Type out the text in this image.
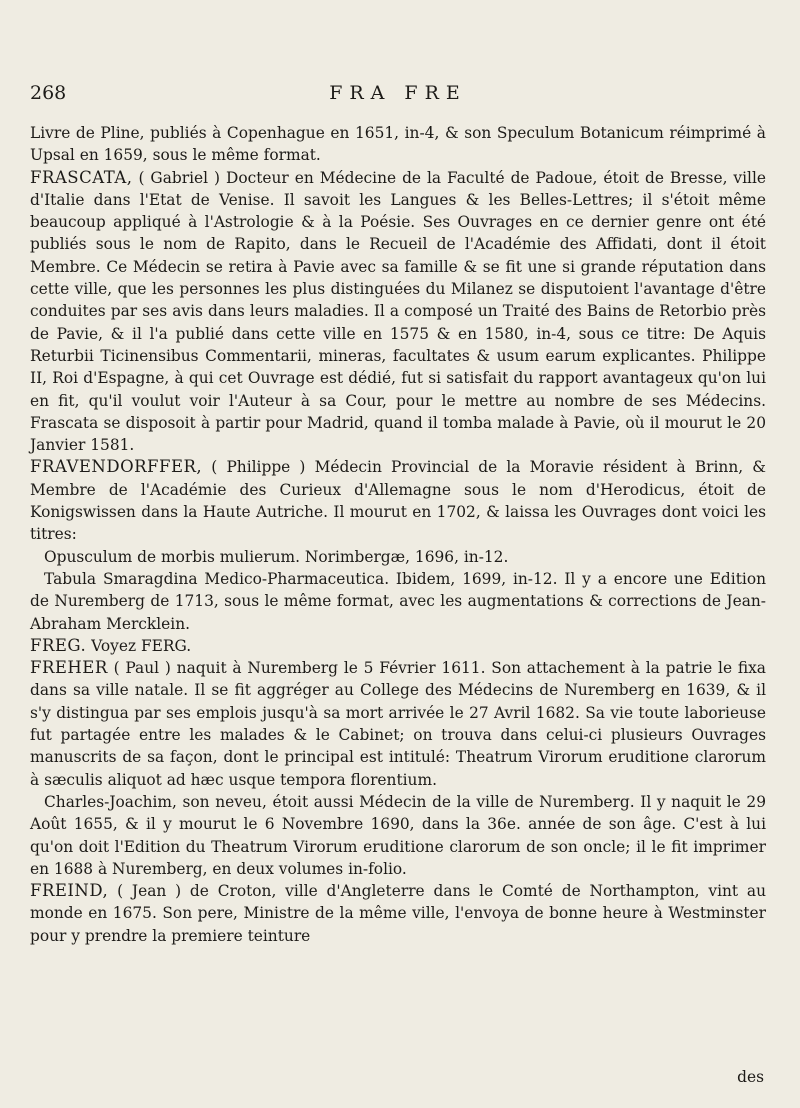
268	FRA FRE

Livre de Pline, publiés à Copenhague en 1651, in-4, & son Speculum Botanicum réimprimé à Upsal en 1659, sous le même format.

FRASCATA, ( Gabriel ) Docteur en Médecine de la Faculté de Padoue, étoit de Bresse, ville d'Italie dans l'Etat de Venise. Il savoit les Langues & les Belles-Lettres; il s'étoit même beaucoup appliqué à l'Astrologie & à la Poésie. Ses Ouvrages en ce dernier genre ont été publiés sous le nom de Rapito, dans le Recueil de l'Académie des Affidati, dont il étoit Membre. Ce Médecin se retira à Pavie avec sa famille & se fit une si grande réputation dans cette ville, que les personnes les plus distinguées du Milanez se disputoient l'avantage d'être conduites par ses avis dans leurs maladies. Il a composé un Traité des Bains de Retorbio près de Pavie, & il l'a publié dans cette ville en 1575 & en 1580, in-4, sous ce titre: De Aquis Returbii Ticinensibus Commentarii, mineras, facultates & usum earum explicantes. Philippe II, Roi d'Espagne, à qui cet Ouvrage est dédié, fut si satisfait du rapport avantageux qu'on lui en fit, qu'il voulut voir l'Auteur à sa Cour, pour le mettre au nombre de ses Médecins. Frascata se disposoit à partir pour Madrid, quand il tomba malade à Pavie, où il mourut le 20 Janvier 1581.

FRAVENDORFFER, ( Philippe ) Médecin Provincial de la Moravie résident à Brinn, & Membre de l'Académie des Curieux d'Allemagne sous le nom d'Herodicus, étoit de Konigswissen dans la Haute Autriche. Il mourut en 1702, & laissa les Ouvrages dont voici les titres:

Opusculum de morbis mulierum. Norimbergæ, 1696, in-12.

Tabula Smaragdina Medico-Pharmaceutica. Ibidem, 1699, in-12. Il y a encore une Edition de Nuremberg de 1713, sous le même format, avec les augmentations & corrections de Jean-Abraham Mercklein.

FREG. Voyez FERG.

FREHER ( Paul ) naquit à Nuremberg le 5 Février 1611. Son attachement à la patrie le fixa dans sa ville natale. Il se fit aggréger au College des Médecins de Nuremberg en 1639, & il s'y distingua par ses emplois jusqu'à sa mort arrivée le 27 Avril 1682. Sa vie toute laborieuse fut partagée entre les malades & le Cabinet; on trouva dans celui-ci plusieurs Ouvrages manuscrits de sa façon, dont le principal est intitulé: Theatrum Virorum eruditione clarorum à sæculis aliquot ad hæc usque tempora florentium.

Charles-Joachim, son neveu, étoit aussi Médecin de la ville de Nuremberg. Il y naquit le 29 Août 1655, & il y mourut le 6 Novembre 1690, dans la 36e. année de son âge. C'est à lui qu'on doit l'Edition du Theatrum Virorum eruditione clarorum de son oncle; il le fit imprimer en 1688 à Nuremberg, en deux volumes in-folio.

FREIND, ( Jean ) de Croton, ville d'Angleterre dans le Comté de Northampton, vint au monde en 1675. Son pere, Ministre de la même ville, l'envoya de bonne heure à Westminster pour y prendre la premiere teinture

des
